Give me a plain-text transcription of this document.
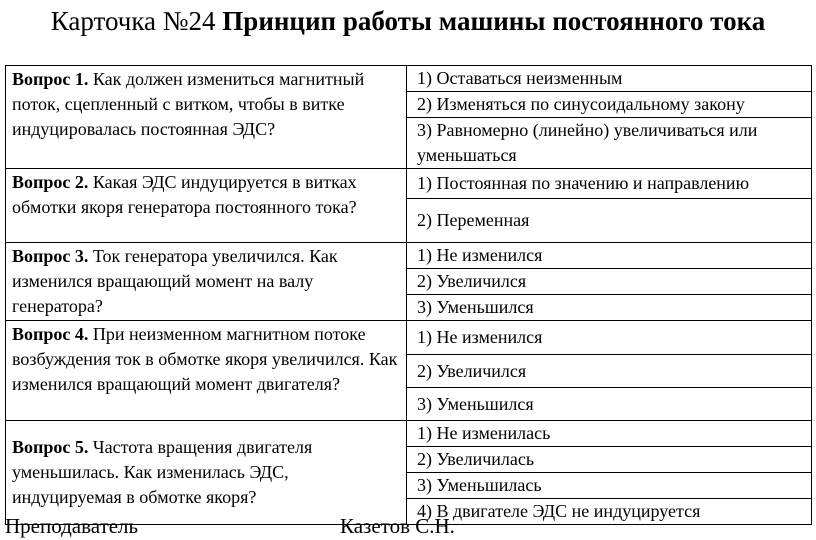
Карточка №24 Принцип работы машины постоянного тока
Вопрос 1. Как должен измениться магнитный поток, сцепленный с витком, чтобы в витке индуцировалась постоянная ЭДС?	1) Оставаться неизменным
	2) Изменяться по синусоидальному закону
	3) Равномерно (линейно) увеличиваться или уменьшаться
Вопрос 2. Какая ЭДС индуцируется в витках обмотки якоря генератора постоянного тока?	1) Постоянная по значению и направлению
	2) Переменная
Вопрос 3. Ток генератора увеличился. Как изменился вращающий момент на валу генератора?	1) Не изменился
	2) Увеличился
	3) Уменьшился
Вопрос 4. При неизменном магнитном потоке возбуждения ток в обмотке якоря увеличился. Как изменился вращающий момент двигателя?	1) Не изменился
	2) Увеличился
	3) Уменьшился
Вопрос 5. Частота вращения двигателя уменьшилась. Как изменилась ЭДС, индуцируемая в обмотке якоря?	1) Не изменилась
	2) Увеличилась
	3) Уменьшилась
	4) В двигателе ЭДС не индуцируется
Преподаватель	Казетов С.Н.
